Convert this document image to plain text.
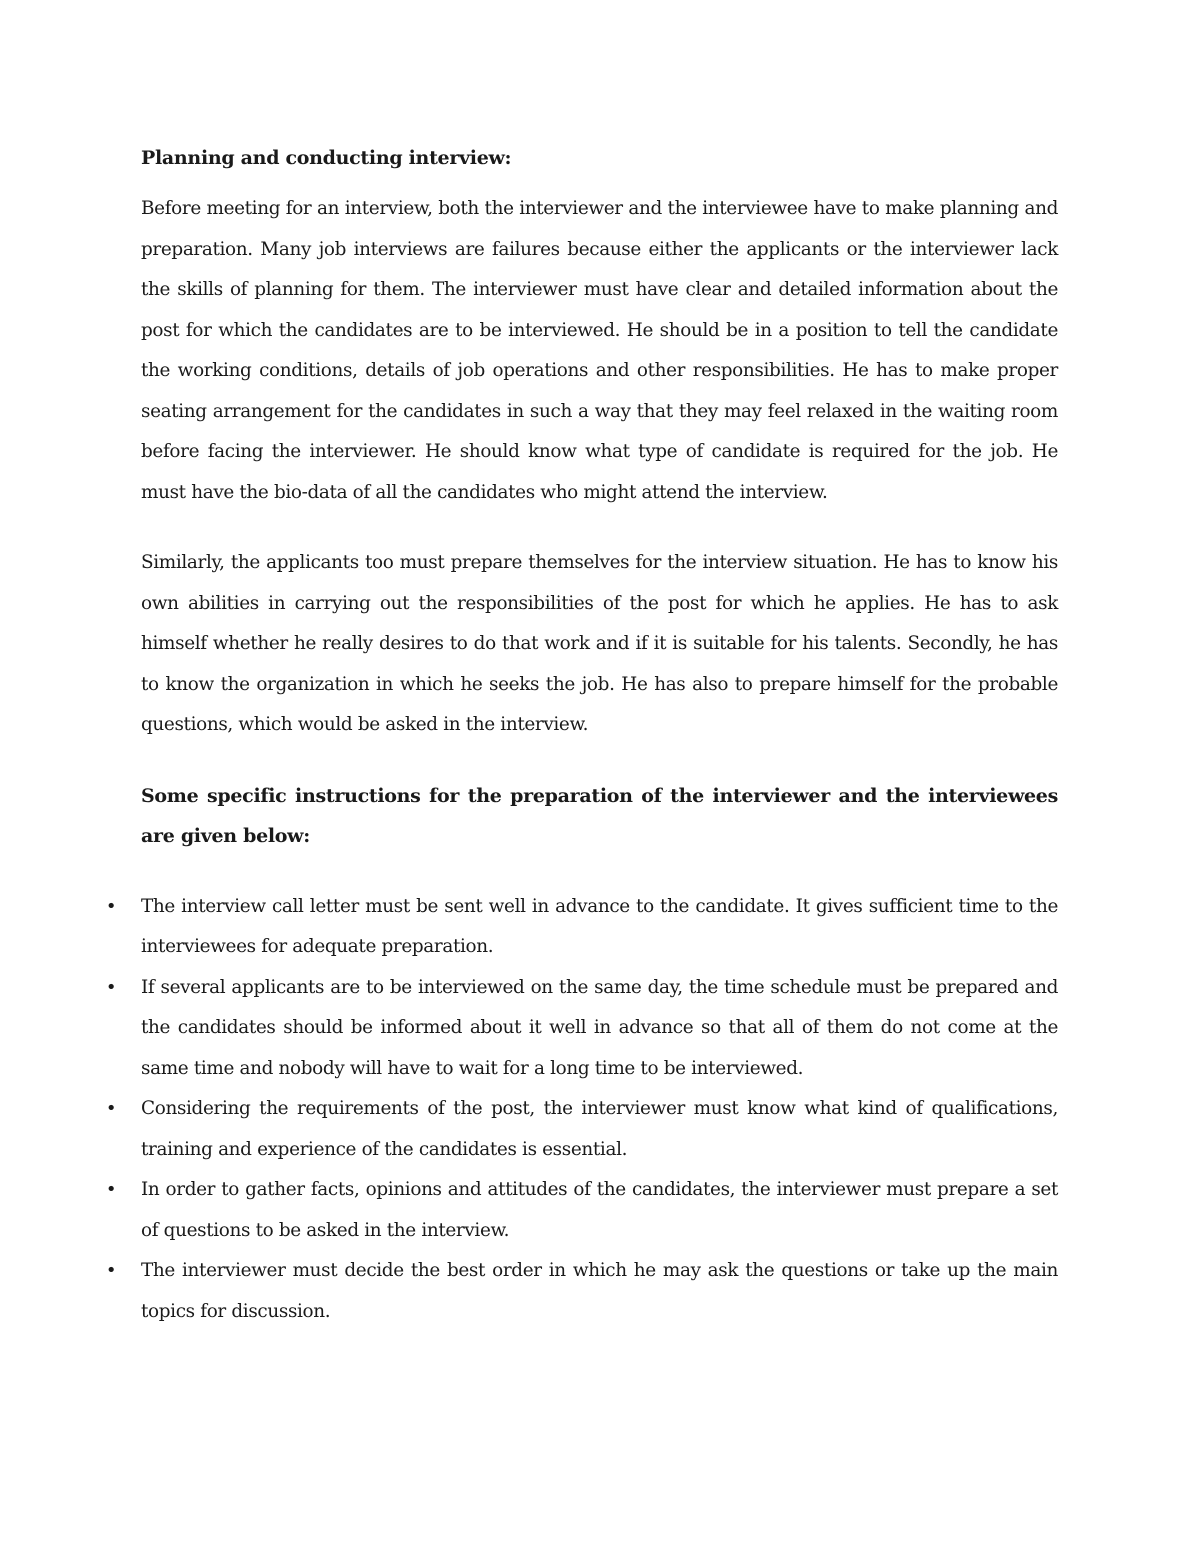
Planning and conducting interview:

Before meeting for an interview, both the interviewer and the interviewee have to make planning and preparation. Many job interviews are failures because either the applicants or the interviewer lack the skills of planning for them. The interviewer must have clear and detailed information about the post for which the candidates are to be interviewed. He should be in a position to tell the candidate the working conditions, details of job operations and other responsibilities. He has to make proper seating arrangement for the candidates in such a way that they may feel relaxed in the waiting room before facing the interviewer. He should know what type of candidate is required for the job. He must have the bio-data of all the candidates who might attend the interview.

Similarly, the applicants too must prepare themselves for the interview situation. He has to know his own abilities in carrying out the responsibilities of the post for which he applies. He has to ask himself whether he really desires to do that work and if it is suitable for his talents. Secondly, he has to know the organization in which he seeks the job. He has also to prepare himself for the probable questions, which would be asked in the interview.

Some specific instructions for the preparation of the interviewer and the interviewees are given below:

• The interview call letter must be sent well in advance to the candidate. It gives sufficient time to the interviewees for adequate preparation.
• If several applicants are to be interviewed on the same day, the time schedule must be prepared and the candidates should be informed about it well in advance so that all of them do not come at the same time and nobody will have to wait for a long time to be interviewed.
• Considering the requirements of the post, the interviewer must know what kind of qualifications, training and experience of the candidates is essential.
• In order to gather facts, opinions and attitudes of the candidates, the interviewer must prepare a set of questions to be asked in the interview.
• The interviewer must decide the best order in which he may ask the questions or take up the main topics for discussion.
